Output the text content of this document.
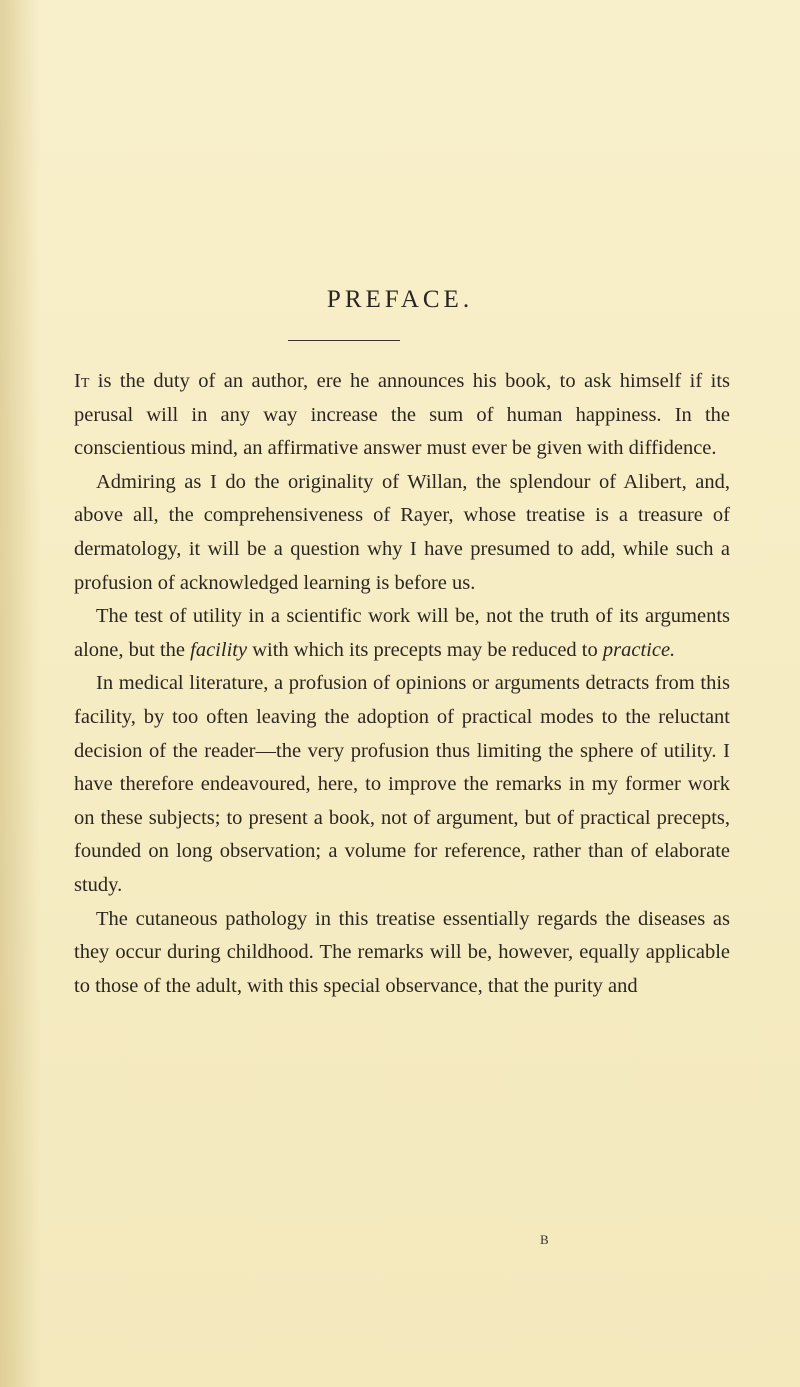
PREFACE.

It is the duty of an author, ere he announces his book, to ask himself if its perusal will in any way increase the sum of human happiness. In the conscientious mind, an affirmative answer must ever be given with diffidence.

Admiring as I do the originality of Willan, the splendour of Alibert, and, above all, the comprehensiveness of Rayer, whose treatise is a treasure of dermatology, it will be a question why I have presumed to add, while such a profusion of acknowledged learning is before us.

The test of utility in a scientific work will be, not the truth of its arguments alone, but the facility with which its precepts may be reduced to practice.

In medical literature, a profusion of opinions or arguments detracts from this facility, by too often leaving the adoption of practical modes to the reluctant decision of the reader—the very profusion thus limiting the sphere of utility. I have therefore endeavoured, here, to improve the remarks in my former work on these subjects; to present a book, not of argument, but of practical precepts, founded on long observation; a volume for reference, rather than of elaborate study.

The cutaneous pathology in this treatise essentially regards the diseases as they occur during childhood. The remarks will be, however, equally applicable to those of the adult, with this special observance, that the purity and

B
